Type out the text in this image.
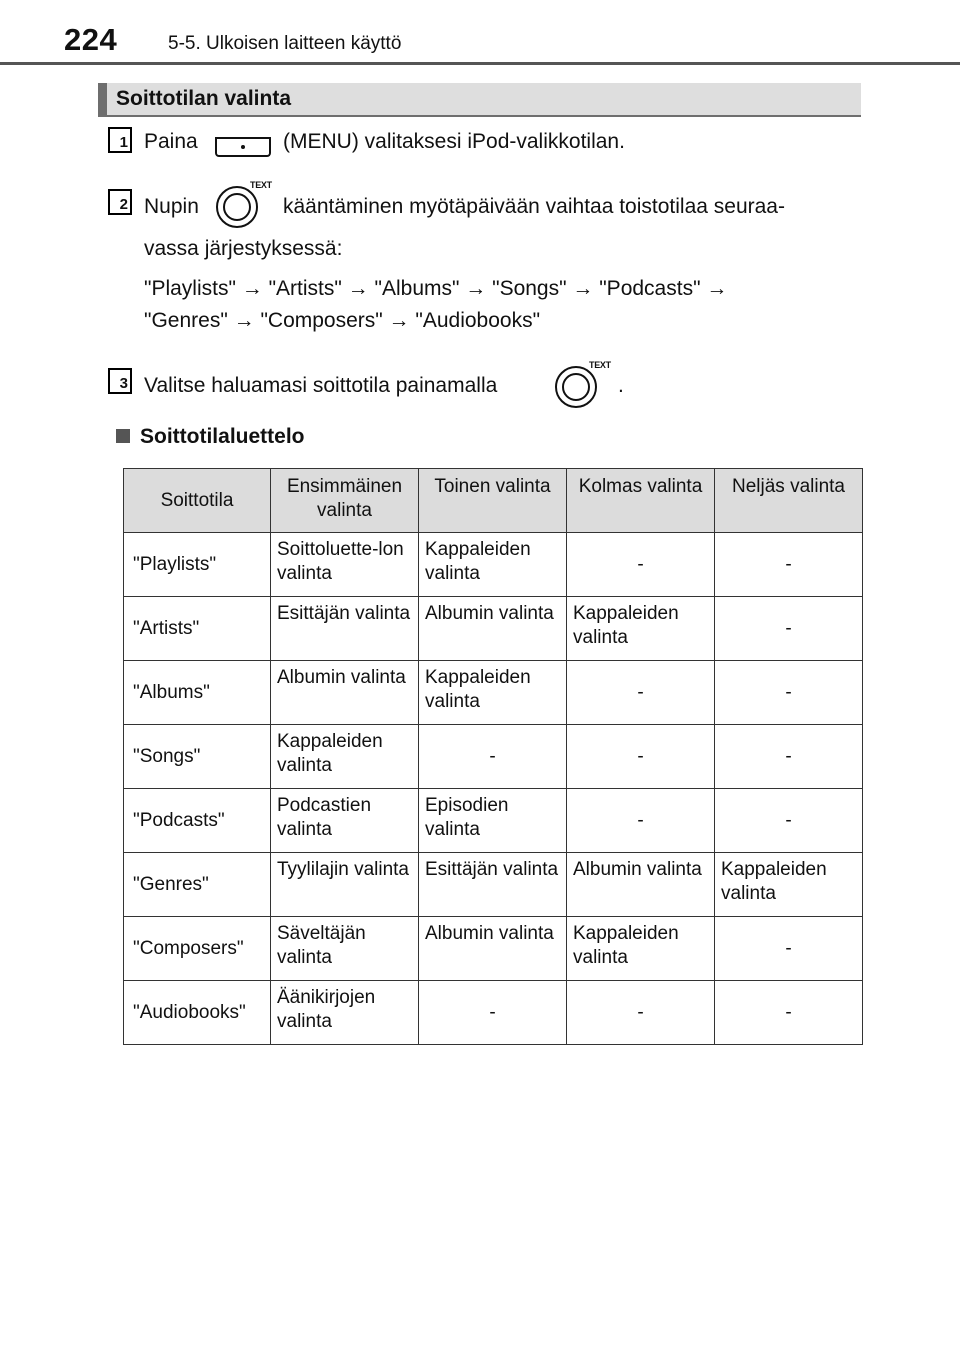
224	5-5. Ulkoisen laitteen käyttö
Soittotilan valinta
1 Paina	(MENU) valitaksesi iPod-valikkotilan.
2 Nupin
TEXT
kääntäminen myötäpäivään vaihtaa toistotilaa seuraa-
vassa järjestyksessä:
"Playlists" → "Artists" → "Albums" → "Songs" → "Podcasts" →
"Genres" → "Composers" → "Audiobooks"
3 Valitse haluamasi soittotila painamalla
TEXT
.
Soittotilaluettelo
Soittotila	Ensimmäinen valinta	Toinen valinta	Kolmas valinta	Neljäs valinta
"Playlists"	Soittoluette-lon valinta	Kappaleiden valinta	-	-
"Artists"	Esittäjän valinta	Albumin valinta	Kappaleiden valinta	-
"Albums"	Albumin valinta	Kappaleiden valinta	-	-
"Songs"	Kappaleiden valinta	-	-	-
"Podcasts"	Podcastien valinta	Episodien valinta	-	-
"Genres"	Tyylilajin valinta	Esittäjän valinta	Albumin valinta	Kappaleiden valinta
"Composers"	Säveltäjän valinta	Albumin valinta	Kappaleiden valinta	-
"Audiobooks"	Äänikirjojen valinta	-	-	-
